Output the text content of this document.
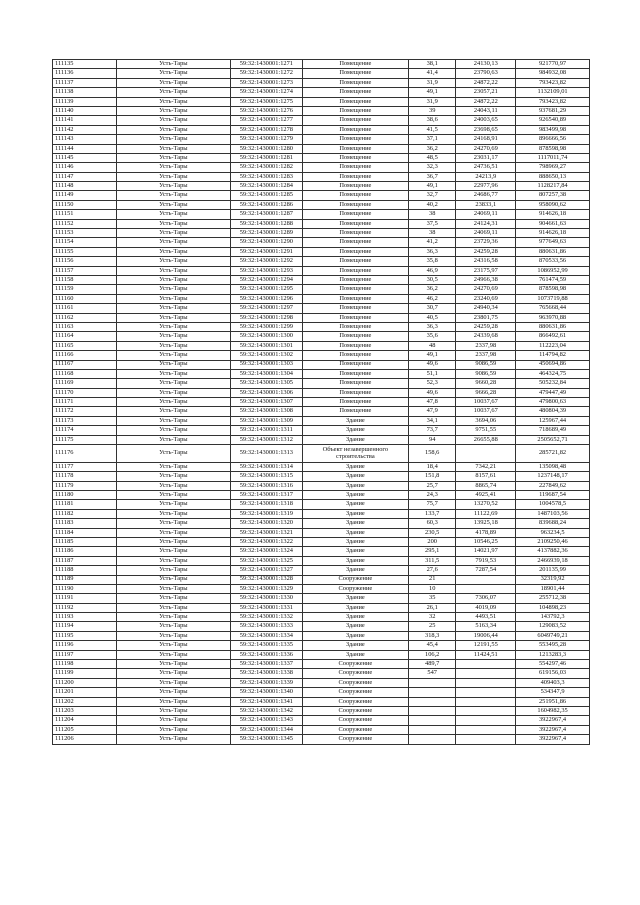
111135	Усть-Тары	59:32:1430001:1271	Помещение	38,1	24130,13	921770,97
111136	Усть-Тары	59:32:1430001:1272	Помещение	41,4	23790,63	984932,08
111137	Усть-Тары	59:32:1430001:1273	Помещение	31,9	24872,22	793423,82
111138	Усть-Тары	59:32:1430001:1274	Помещение	49,1	23057,21	1132109,01
111139	Усть-Тары	59:32:1430001:1275	Помещение	31,9	24872,22	793423,82
111140	Усть-Тары	59:32:1430001:1276	Помещение	39	24043,11	937681,29
111141	Усть-Тары	59:32:1430001:1277	Помещение	38,6	24003,65	926540,89
111142	Усть-Тары	59:32:1430001:1278	Помещение	41,5	23698,65	983499,98
111143	Усть-Тары	59:32:1430001:1279	Помещение	37,1	24168,91	896666,56
111144	Усть-Тары	59:32:1430001:1280	Помещение	36,2	24270,69	878598,98
111145	Усть-Тары	59:32:1430001:1281	Помещение	48,5	23031,17	1117011,74
111146	Усть-Тары	59:32:1430001:1282	Помещение	32,3	24736,51	798969,27
111147	Усть-Тары	59:32:1430001:1283	Помещение	36,7	24213,9	888650,13
111148	Усть-Тары	59:32:1430001:1284	Помещение	49,1	22977,96	1128217,84
111149	Усть-Тары	59:32:1430001:1285	Помещение	32,7	24686,77	807257,38
111150	Усть-Тары	59:32:1430001:1286	Помещение	40,2	23833,1	958090,62
111151	Усть-Тары	59:32:1430001:1287	Помещение	38	24069,11	914626,18
111152	Усть-Тары	59:32:1430001:1288	Помещение	37,5	24124,31	904661,63
111153	Усть-Тары	59:32:1430001:1289	Помещение	38	24069,11	914626,18
111154	Усть-Тары	59:32:1430001:1290	Помещение	41,2	23729,36	977649,63
111155	Усть-Тары	59:32:1430001:1291	Помещение	36,3	24259,28	880631,86
111156	Усть-Тары	59:32:1430001:1292	Помещение	35,8	24316,58	870533,56
111157	Усть-Тары	59:32:1430001:1293	Помещение	46,9	23175,97	1086952,99
111158	Усть-Тары	59:32:1430001:1294	Помещение	30,5	24966,38	761474,59
111159	Усть-Тары	59:32:1430001:1295	Помещение	36,2	24270,69	878598,98
111160	Усть-Тары	59:32:1430001:1296	Помещение	46,2	23240,69	1073719,88
111161	Усть-Тары	59:32:1430001:1297	Помещение	30,7	24940,34	765668,44
111162	Усть-Тары	59:32:1430001:1298	Помещение	40,5	23801,75	963970,88
111163	Усть-Тары	59:32:1430001:1299	Помещение	36,3	24259,28	880631,86
111164	Усть-Тары	59:32:1430001:1300	Помещение	35,6	24339,68	866492,61
111165	Усть-Тары	59:32:1430001:1301	Помещение	48	2337,98	112223,04
111166	Усть-Тары	59:32:1430001:1302	Помещение	49,1	2337,98	114794,82
111167	Усть-Тары	59:32:1430001:1303	Помещение	49,6	9086,59	450694,86
111168	Усть-Тары	59:32:1430001:1304	Помещение	51,1	9086,59	464324,75
111169	Усть-Тары	59:32:1430001:1305	Помещение	52,3	9660,28	505232,84
111170	Усть-Тары	59:32:1430001:1306	Помещение	49,6	9666,28	479447,49
111171	Усть-Тары	59:32:1430001:1307	Помещение	47,8	10037,67	479800,63
111172	Усть-Тары	59:32:1430001:1308	Помещение	47,9	10037,67	480804,39
111173	Усть-Тары	59:32:1430001:1309	Здание	34,1	3694,06	125967,44
111174	Усть-Тары	59:32:1430001:1311	Здание	73,7	9751,55	718689,49
111175	Усть-Тары	59:32:1430001:1312	Здание	94	26655,88	2505652,71
111176	Усть-Тары	59:32:1430001:1313	Объект незавершенного строительства	158,6		285721,82
111177	Усть-Тары	59:32:1430001:1314	Здание	18,4	7342,21	135098,48
111178	Усть-Тары	59:32:1430001:1315	Здание	151,8	8157,61	1237148,17
111179	Усть-Тары	59:32:1430001:1316	Здание	25,7	8865,74	227849,62
111180	Усть-Тары	59:32:1430001:1317	Здание	24,3	4925,41	119687,54
111181	Усть-Тары	59:32:1430001:1318	Здание	75,7	13270,52	1004578,5
111182	Усть-Тары	59:32:1430001:1319	Здание	133,7	11122,69	1487103,56
111183	Усть-Тары	59:32:1430001:1320	Здание	60,3	13925,18	839688,24
111184	Усть-Тары	59:32:1430001:1321	Здание	230,5	4178,89	963234,5
111185	Усть-Тары	59:32:1430001:1322	Здание	200	10546,25	2109250,46
111186	Усть-Тары	59:32:1430001:1324	Здание	295,1	14021,97	4137882,36
111187	Усть-Тары	59:32:1430001:1325	Здание	311,5	7919,53	2466939,18
111188	Усть-Тары	59:32:1430001:1327	Здание	27,6	7287,54	201135,99
111189	Усть-Тары	59:32:1430001:1328	Сооружение	21		32319,92
111190	Усть-Тары	59:32:1430001:1329	Сооружение	10		18901,44
111191	Усть-Тары	59:32:1430001:1330	Здание	35	7306,07	255712,38
111192	Усть-Тары	59:32:1430001:1331	Здание	26,1	4019,09	104898,23
111193	Усть-Тары	59:32:1430001:1332	Здание	32	4493,51	143792,3
111194	Усть-Тары	59:32:1430001:1333	Здание	25	5163,34	129083,52
111195	Усть-Тары	59:32:1430001:1334	Здание	318,3	19006,44	6049749,21
111196	Усть-Тары	59:32:1430001:1335	Здание	45,4	12191,55	553495,28
111197	Усть-Тары	59:32:1430001:1336	Здание	106,2	11424,51	1213283,3
111198	Усть-Тары	59:32:1430001:1337	Сооружение	489,7		554297,46
111199	Усть-Тары	59:32:1430001:1338	Сооружение	547		619156,03
111200	Усть-Тары	59:32:1430001:1339	Сооружение			409403,3
111201	Усть-Тары	59:32:1430001:1340	Сооружение			534347,9
111202	Усть-Тары	59:32:1430001:1341	Сооружение			251951,86
111203	Усть-Тары	59:32:1430001:1342	Сооружение			1604982,35
111204	Усть-Тары	59:32:1430001:1343	Сооружение			3922967,4
111205	Усть-Тары	59:32:1430001:1344	Сооружение			3922967,4
111206	Усть-Тары	59:32:1430001:1345	Сооружение			3922967,4
